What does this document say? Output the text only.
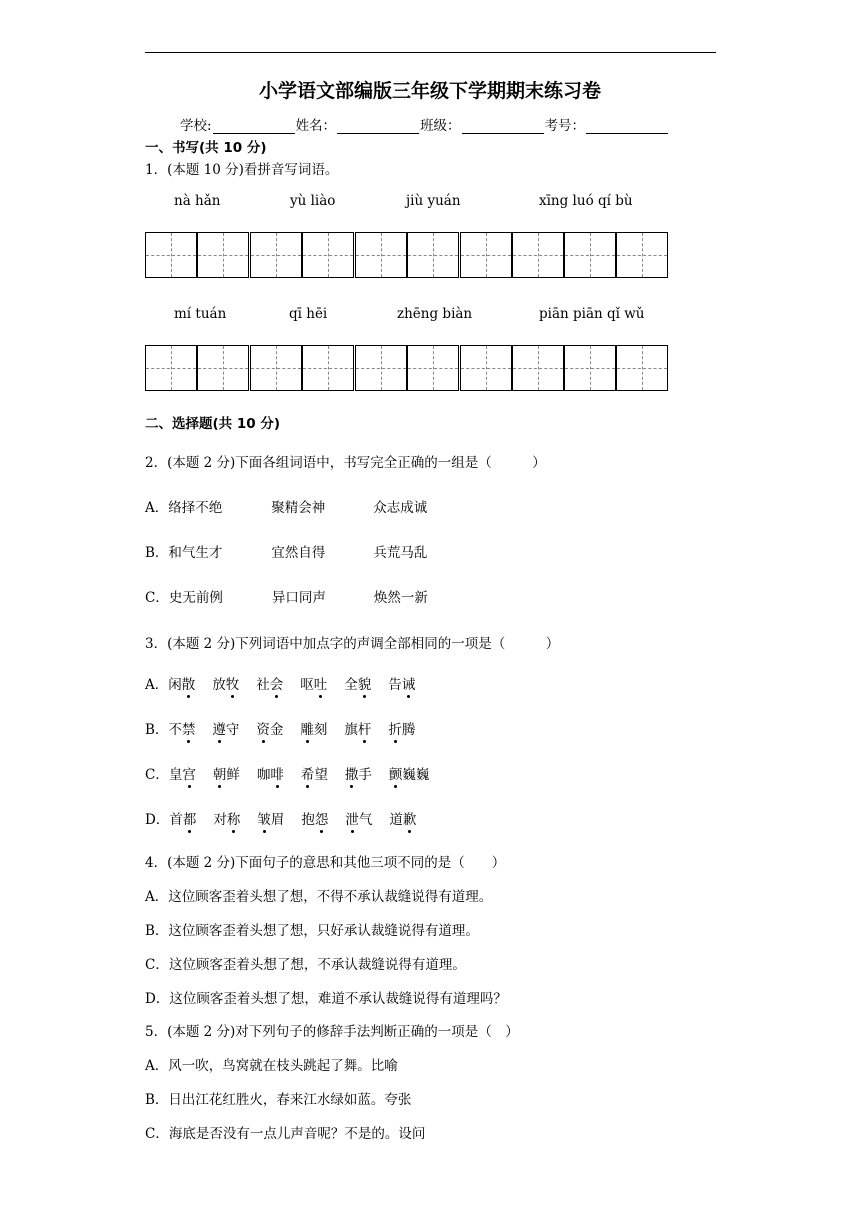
小学语文部编版三年级下学期期末练习卷
学校:	姓名：	班级：	考号：
一、书写(共 10 分)
1．(本题 10 分)看拼音写词语。
nà hǎn	yù liào	jiù yuán	xīng luó qí bù
mí tuán	qī hēi	zhēng biàn	piān piān qǐ wǔ
二、选择题(共 10 分)
2．(本题 2 分)下面各组词语中，书写完全正确的一组是（　　　）
A．络择不绝	聚精会神	众志成诚
B．和气生才	宜然自得	兵荒马乱
C．史无前例	异口同声	焕然一新
3．(本题 2 分)下列词语中加点字的声调全部相同的一项是（　　　）
A．闲散 放牧 社会 呕吐 全貌 告诫
B．不禁 遵守 资金 雕刻 旗杆 折腾
C．皇宫 朝鲜 咖啡 希望 撒手 颤巍巍
D．首都 对称 皱眉 抱怨 泄气 道歉
4．(本题 2 分)下面句子的意思和其他三项不同的是（　　）
A．这位顾客歪着头想了想，不得不承认裁缝说得有道理。
B．这位顾客歪着头想了想，只好承认裁缝说得有道理。
C．这位顾客歪着头想了想，不承认裁缝说得有道理。
D．这位顾客歪着头想了想，难道不承认裁缝说得有道理吗？
5．(本题 2 分)对下列句子的修辞手法判断正确的一项是（　）
A．风一吹，鸟窝就在枝头跳起了舞。比喻
B．日出江花红胜火，春来江水绿如蓝。夸张
C．海底是否没有一点儿声音呢？不是的。设问
